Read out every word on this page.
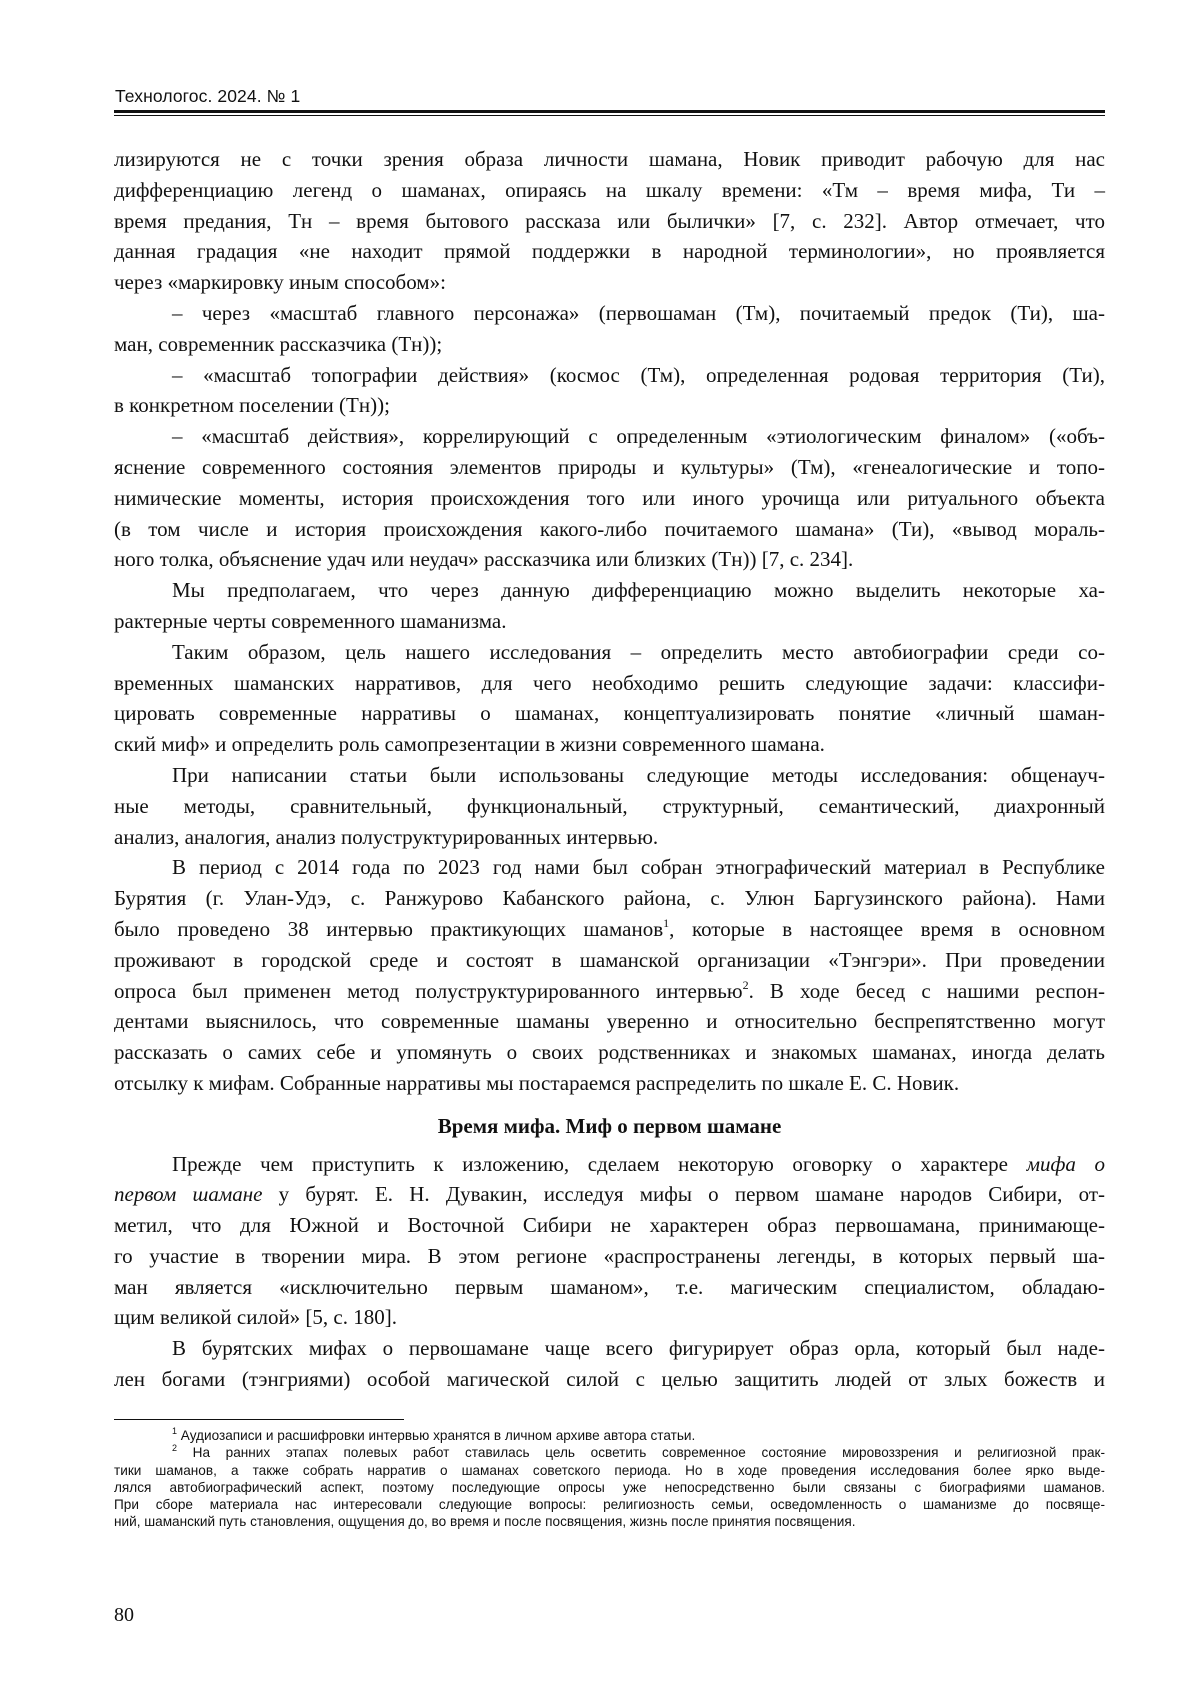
Технологос. 2024. № 1

лизируются не с точки зрения образа личности шамана, Новик приводит рабочую для нас

дифференциацию легенд о шаманах, опираясь на шкалу времени: «Тм – время мифа, Ти –

время предания, Тн – время бытового рассказа или былички» [7, с. 232]. Автор отмечает, что

данная градация «не находит прямой поддержки в народной терминологии», но проявляется

через «маркировку иным способом»:

– через «масштаб главного персонажа» (первошаман (Тм), почитаемый предок (Ти), ша-

ман, современник рассказчика (Тн));

– «масштаб топографии действия» (космос (Тм), определенная родовая территория (Ти),

в конкретном поселении (Тн));

– «масштаб действия», коррелирующий с определенным «этиологическим финалом» («объ-

яснение современного состояния элементов природы и культуры» (Тм), «генеалогические и топо-

нимические моменты, история происхождения того или иного урочища или ритуального объекта

(в том числе и история происхождения какого-либо почитаемого шамана» (Ти), «вывод мораль-

ного толка, объяснение удач или неудач» рассказчика или близких (Тн)) [7, с. 234].

Мы предполагаем, что через данную дифференциацию можно выделить некоторые ха-

рактерные черты современного шаманизма.

Таким образом, цель нашего исследования – определить место автобиографии среди со-

временных шаманских нарративов, для чего необходимо решить следующие задачи: классифи-

цировать современные нарративы о шаманах, концептуализировать понятие «личный шаман-

ский миф» и определить роль самопрезентации в жизни современного шамана.

При написании статьи были использованы следующие методы исследования: общенауч-

ные методы, сравнительный, функциональный, структурный, семантический, диахронный

анализ, аналогия, анализ полуструктурированных интервью.

В период с 2014 года по 2023 год нами был собран этнографический материал в Республике

Бурятия (г. Улан-Удэ, с. Ранжурово Кабанского района, с. Улюн Баргузинского района). Нами

было проведено 38 интервью практикующих шаманов$^1$, которые в настоящее время в основном

проживают в городской среде и состоят в шаманской организации «Тэнгэри». При проведении

опроса был применен метод полуструктурированного интервью$^2$. В ходе бесед с нашими респон-

дентами выяснилось, что современные шаманы уверенно и относительно беспрепятственно могут

рассказать о самих себе и упомянуть о своих родственниках и знакомых шаманах, иногда делать

отсылку к мифам. Собранные нарративы мы постараемся распределить по шкале Е. С. Новик.

Время мифа. Миф о первом шамане

Прежде чем приступить к изложению, сделаем некоторую оговорку о характере мифа о

первом шамане у бурят. Е. Н. Дувакин, исследуя мифы о первом шамане народов Сибири, от-

метил, что для Южной и Восточной Сибири не характерен образ первошамана, принимающе-

го участие в творении мира. В этом регионе «распространены легенды, в которых первый ша-

ман является «исключительно первым шаманом», т.е. магическим специалистом, обладаю-

щим великой силой» [5, с. 180].

В бурятских мифах о первошамане чаще всего фигурирует образ орла, который был наде-

лен богами (тэнгриями) особой магической силой с целью защитить людей от злых божеств и

$^1$ Аудиозаписи и расшифровки интервью хранятся в личном архиве автора статьи.

$^2$ На ранних этапах полевых работ ставилась цель осветить современное состояние мировоззрения и религиозной прак-

тики шаманов, а также собрать нарратив о шаманах советского периода. Но в ходе проведения исследования более ярко выде-

лялся автобиографический аспект, поэтому последующие опросы уже непосредственно были связаны с биографиями шаманов.

При сборе материала нас интересовали следующие вопросы: религиозность семьи, осведомленность о шаманизме до посвяще-

ний, шаманский путь становления, ощущения до, во время и после посвящения, жизнь после принятия посвящения.

80
